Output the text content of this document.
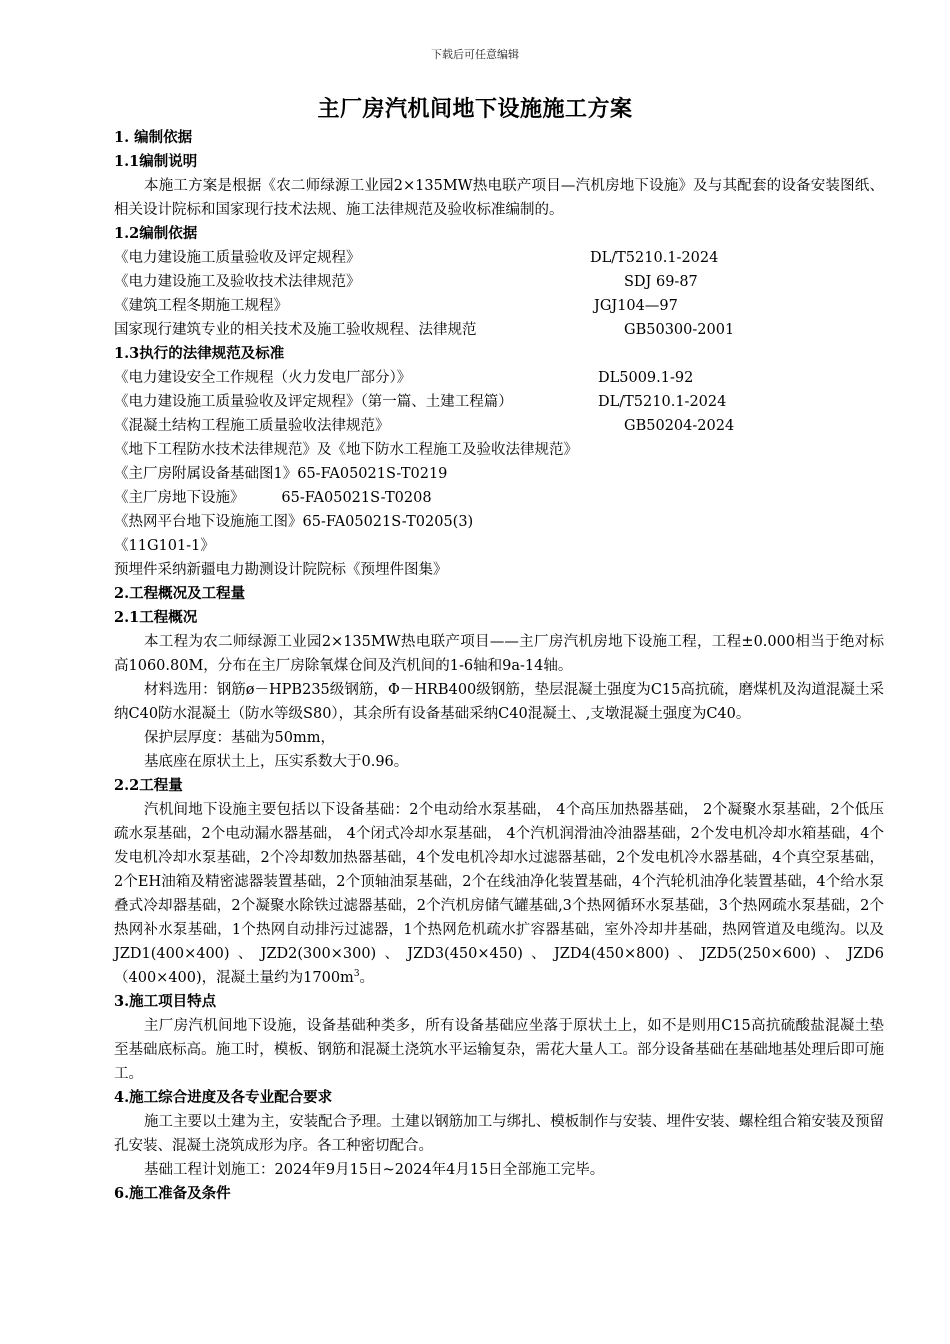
下载后可任意编辑
主厂房汽机间地下设施施工方案
1. 编制依据
1.1编制说明

本施工方案是根据《农二师绿源工业园2×135MW热电联产项目—汽机房地下设施》及与其配套的设备安装图纸、相关设计院标和国家现行技术法规、施工法律规范及验收标准编制的。

1.2编制依据
《电力建设施工质量验收及评定规程》	DL/T5210.1-2024
《电力建设施工及验收技术法律规范》	SDJ 69-87
《建筑工程冬期施工规程》	JGJ104—97
国家现行建筑专业的相关技术及施工验收规程、法律规范	GB50300-2001
1.3执行的法律规范及标准
《电力建设安全工作规程（火力发电厂部分）》	DL5009.1-92
《电力建设施工质量验收及评定规程》（第一篇、土建工程篇）	DL/T5210.1-2024
《混凝土结构工程施工质量验收法律规范》	GB50204-2024
《地下工程防水技术法律规范》及《地下防水工程施工及验收法律规范》
《主厂房附属设备基础图1》65-FA05021S-T0219
《主厂房地下设施》        65-FA05021S-T0208
《热网平台地下设施施工图》65-FA05021S-T0205(3)
《11G101-1》
预埋件采纳新疆电力勘测设计院院标《预埋件图集》
2.工程概况及工程量
2.1工程概况

本工程为农二师绿源工业园2×135MW热电联产项目——主厂房汽机房地下设施工程，工程±0.000相当于绝对标高1060.80M，分布在主厂房除氧煤仓间及汽机间的1-6轴和9a-14轴。

材料选用：钢筋ø－HPB235级钢筋，Φ－HRB400级钢筋，垫层混凝土强度为C15高抗硫，磨煤机及沟道混凝土采纳C40防水混凝土（防水等级S80），其余所有设备基础采纳C40混凝土、,支墩混凝土强度为C40。

保护层厚度：基础为50mm，

基底座在原状土上，压实系数大于0.96。

2.2工程量

汽机间地下设施主要包括以下设备基础：2个电动给水泵基础， 4个高压加热器基础， 2个凝聚水泵基础，2个低压疏水泵基础，2个电动漏水器基础， 4个闭式冷却水泵基础， 4个汽机润滑油冷油器基础，2个发电机冷却水箱基础，4个发电机冷却水泵基础，2个冷却数加热器基础，4个发电机冷却水过滤器基础，2个发电机冷水器基础，4个真空泵基础，2个EH油箱及精密滤器装置基础，2个顶轴油泵基础，2个在线油净化装置基础，4个汽轮机油净化装置基础，4个给水泵叠式冷却器基础，2个凝聚水除铁过滤器基础，2个汽机房储气罐基础,3个热网循环水泵基础，3个热网疏水泵基础，2个热网补水泵基础，1个热网自动排污过滤器，1个热网危机疏水扩容器基础，室外冷却井基础，热网管道及电缆沟。以及JZD1(400×400)、JZD2(300×300)、JZD3(450×450)、JZD4(450×800)、JZD5(250×600)、JZD6（400×400)，混凝土量约为$1700m^3$。

3.施工项目特点

主厂房汽机间地下设施，设备基础种类多，所有设备基础应坐落于原状土上，如不是则用C15高抗硫酸盐混凝土垫至基础底标高。施工时，模板、钢筋和混凝土浇筑水平运输复杂，需花大量人工。部分设备基础在基础地基处理后即可施工。

4.施工综合进度及各专业配合要求

施工主要以土建为主，安装配合予理。土建以钢筋加工与绑扎、模板制作与安装、埋件安装、螺栓组合箱安装及预留孔安装、混凝土浇筑成形为序。各工种密切配合。

基础工程计划施工：2024年9月15日~2024年4月15日全部施工完毕。

6.施工准备及条件
